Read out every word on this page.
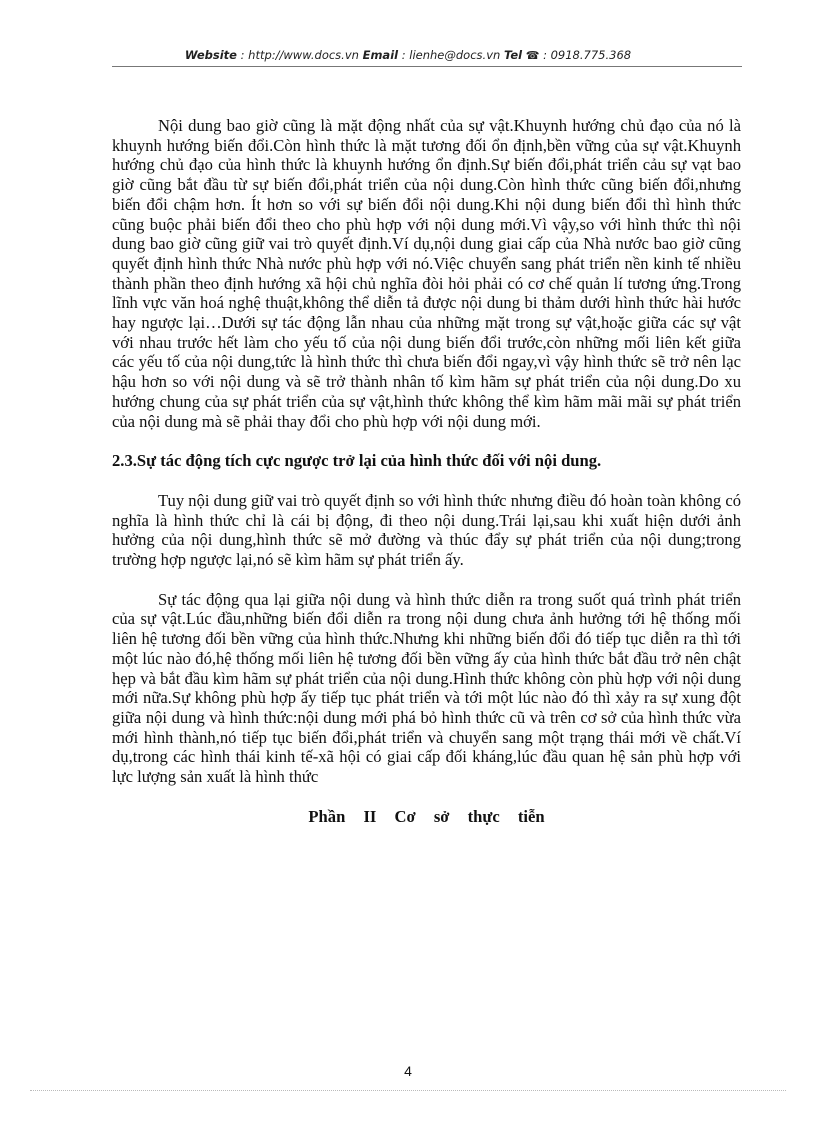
Website : http://www.docs.vn Email : lienhe@docs.vn Tel ☎ : 0918.775.368

Nội dung bao giờ cũng là mặt động nhất của sự vật.Khuynh hướng chủ đạo của nó là khuynh hướng biến đổi.Còn hình thức là mặt tương đối ổn định,bền vững của sự vật.Khuynh hướng chủ đạo của hình thức là khuynh hướng ổn định.Sự biến đổi,phát triển cảu sự vạt bao giờ cũng bắt đầu từ sự biến đổi,phát triển của nội dung.Còn hình thức cũng biến đổi,nhưng biến đổi chậm hơn. Ít hơn so với sự biến đổi nội dung.Khi nội dung biến đổi thì hình thức cũng buộc phải biến đổi theo cho phù hợp với nội dung mới.Vì vậy,so với hình thức thì nội dung bao giờ cũng giữ vai trò quyết định.Ví dụ,nội dung giai cấp của Nhà nước bao giờ cũng quyết định hình thức Nhà nước phù hợp với nó.Việc chuyển sang phát triển nền kinh tế nhiều thành phần theo định hướng xã hội chủ nghĩa đòi hỏi phải có cơ chế quản lí tương ứng.Trong lĩnh vực văn hoá nghệ thuật,không thể diễn tả được nội dung bi thảm dưới hình thức hài hước hay ngược lại…Dưới sự tác động lẫn nhau của những mặt trong sự vật,hoặc giữa các sự vật với nhau trước hết làm cho yếu tố của nội dung biến đổi trước,còn những mối liên kết giữa các yếu tố của nội dung,tức là hình thức thì chưa biến đổi ngay,vì vậy hình thức sẽ trở nên lạc hậu hơn so với nội dung và sẽ trở thành nhân tố kìm hãm sự phát triển của nội dung.Do xu hướng chung của sự phát triển của sự vật,hình thức không thể kìm hãm mãi mãi sự phát triển của nội dung mà sẽ phải thay đổi cho phù hợp với nội dung mới.

2.3.Sự tác động tích cực ngược trở lại của hình thức đối với nội dung.

Tuy nội dung giữ vai trò quyết định so với hình thức nhưng điều đó hoàn toàn không có nghĩa là hình thức chỉ là cái bị động, đi theo nội dung.Trái lại,sau khi xuất hiện dưới ảnh hưởng của nội dung,hình thức sẽ mở đường và thúc đẩy sự phát triển của nội dung;trong trường hợp ngược lại,nó sẽ kìm hãm sự phát triển ấy.

Sự tác động qua lại giữa nội dung và hình thức diễn ra trong suốt quá trình phát triển của sự vật.Lúc đầu,những biến đổi diễn ra trong nội dung chưa ảnh hưởng tới hệ thống mối liên hệ tương đối bền vững của hình thức.Nhưng khi những biến đổi đó tiếp tục diễn ra thì tới một lúc nào đó,hệ thống mối liên hệ tương đối bền vững ấy của hình thức bắt đầu trở nên chật hẹp và bắt đầu kìm hãm sự phát triển của nội dung.Hình thức không còn phù hợp với nội dung mới nữa.Sự không phù hợp ấy tiếp tục phát triển và tới một lúc nào đó thì xảy ra sự xung đột giữa nội dung và hình thức:nội dung mới phá bỏ hình thức cũ và trên cơ sở của hình thức vừa mới hình thành,nó tiếp tục biến đổi,phát triển và chuyển sang một trạng thái mới về chất.Ví dụ,trong các hình thái kinh tế-xã hội có giai cấp đối kháng,lúc đầu quan hệ sản phù hợp với lực lượng sản xuất là hình thức

Phần II Cơ sở thực tiễn

4
